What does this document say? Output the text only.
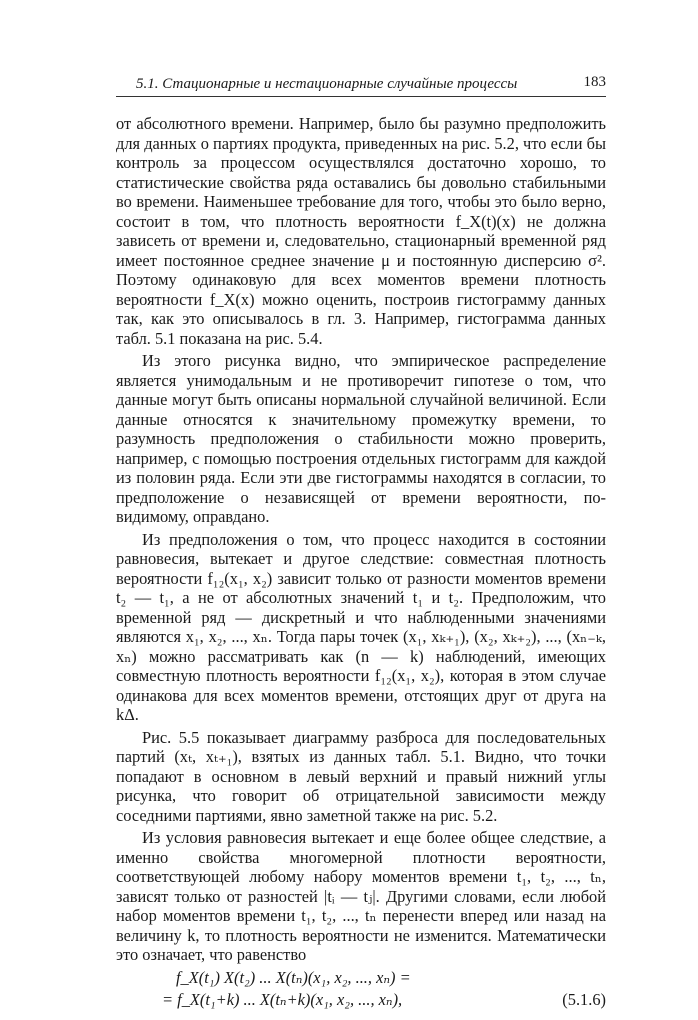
5.1. Стационарные и нестационарные случайные процессы	183

от абсолютного времени. Например, было бы разумно предположить для данных о партиях продукта, приведенных на рис. 5.2, что если бы контроль за процессом осуществлялся достаточно хорошо, то статистические свойства ряда оставались бы довольно стабильными во времени. Наименьшее требование для того, чтобы это было верно, состоит в том, что плотность вероятности f_X(t)(x) не должна зависеть от времени и, следовательно, стационарный временной ряд имеет постоянное среднее значение μ и постоянную дисперсию σ². Поэтому одинаковую для всех моментов времени плотность вероятности f_X(x) можно оценить, построив гистограмму данных так, как это описывалось в гл. 3. Например, гистограмма данных табл. 5.1 показана на рис. 5.4.

Из этого рисунка видно, что эмпирическое распределение является унимодальным и не противоречит гипотезе о том, что данные могут быть описаны нормальной случайной величиной. Если данные относятся к значительному промежутку времени, то разумность предположения о стабильности можно проверить, например, с помощью построения отдельных гистограмм для каждой из половин ряда. Если эти две гистограммы находятся в согласии, то предположение о независящей от времени вероятности, по-видимому, оправдано.

Из предположения о том, что процесс находится в состоянии равновесия, вытекает и другое следствие: совместная плотность вероятности f₁₂(x₁, x₂) зависит только от разности моментов времени t₂ — t₁, а не от абсолютных значений t₁ и t₂. Предположим, что временной ряд — дискретный и что наблюденными значениями являются x₁, x₂, ..., xₙ. Тогда пары точек (x₁, xₖ₊₁), (x₂, xₖ₊₂), ..., (xₙ₋ₖ, xₙ) можно рассматривать как (n — k) наблюдений, имеющих совместную плотность вероятности f₁₂(x₁, x₂), которая в этом случае одинакова для всех моментов времени, отстоящих друг от друга на kΔ.

Рис. 5.5 показывает диаграмму разброса для последовательных партий (xₜ, xₜ₊₁), взятых из данных табл. 5.1. Видно, что точки попадают в основном в левый верхний и правый нижний углы рисунка, что говорит об отрицательной зависимости между соседними партиями, явно заметной также на рис. 5.2.

Из условия равновесия вытекает и еще более общее следствие, а именно свойства многомерной плотности вероятности, соответствующей любому набору моментов времени t₁, t₂, ..., tₙ, зависят только от разностей |tᵢ — tⱼ|. Другими словами, если любой набор моментов времени t₁, t₂, ..., tₙ перенести вперед или назад на величину k, то плотность вероятности не изменится. Математически это означает, что равенство

f_X(t₁) X(t₂) ... X(tₙ)(x₁, x₂, ..., xₙ) =
= f_X(t₁+k) ... X(tₙ+k)(x₁, x₂, ..., xₙ),	(5.1.6)
